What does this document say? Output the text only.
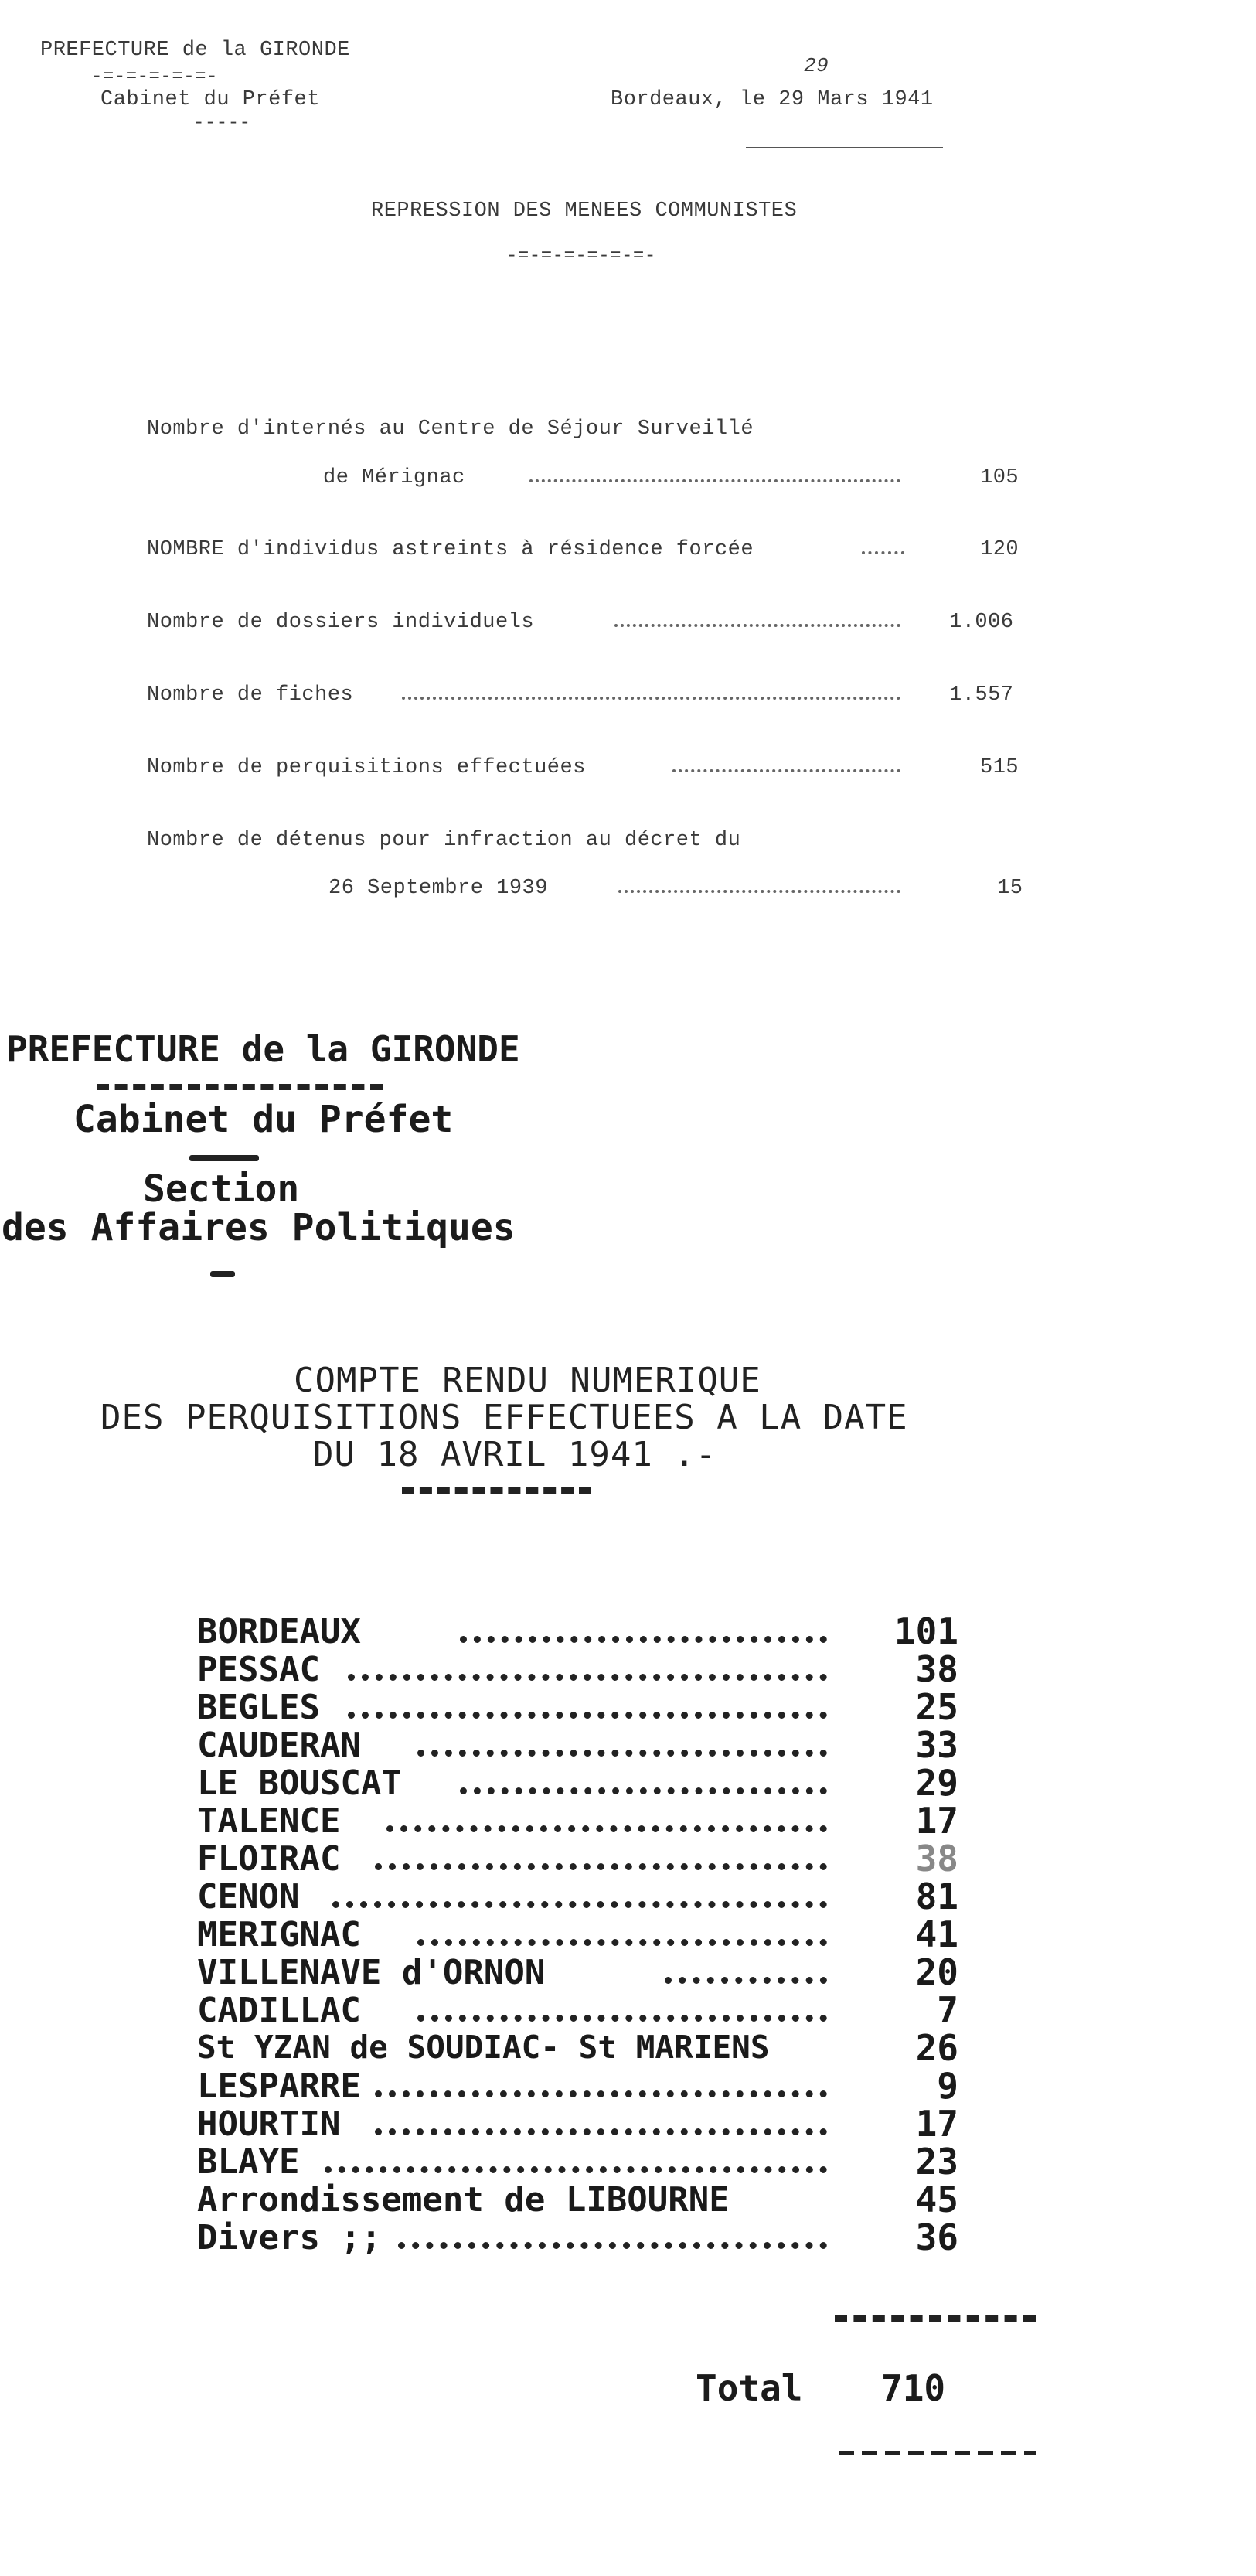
PREFECTURE de la GIRONDE
-=-=-=-=-=-
Cabinet du Préfet
-----
29
Bordeaux, le 29 Mars 1941
REPRESSION DES MENEES COMMUNISTES
-=-=-=-=-=-=-
Nombre d'internés au Centre de Séjour Surveillé
de Mérignac	105
NOMBRE d'individus astreints à résidence forcée	120
Nombre de dossiers individuels	1.006
Nombre de fiches	1.557
Nombre de perquisitions effectuées	515
Nombre de détenus pour infraction au décret du
26 Septembre 1939	15
PREFECTURE de la GIRONDE
Cabinet du Préfet
Section
des Affaires Politiques
COMPTE RENDU NUMERIQUE
DES PERQUISITIONS EFFECTUEES A LA DATE
DU 18 AVRIL 1941 .-
BORDEAUX	101
PESSAC	38
BEGLES	25
CAUDERAN	33
LE BOUSCAT	29
TALENCE	17
FLOIRAC	38
CENON	81
MERIGNAC	41
VILLENAVE d'ORNON	20
CADILLAC	7
St YZAN de SOUDIAC- St MARIENS	26
LESPARRE	9
HOURTIN	17
BLAYE	23
Arrondissement de LIBOURNE	45
Divers ;;	36
Total 710
